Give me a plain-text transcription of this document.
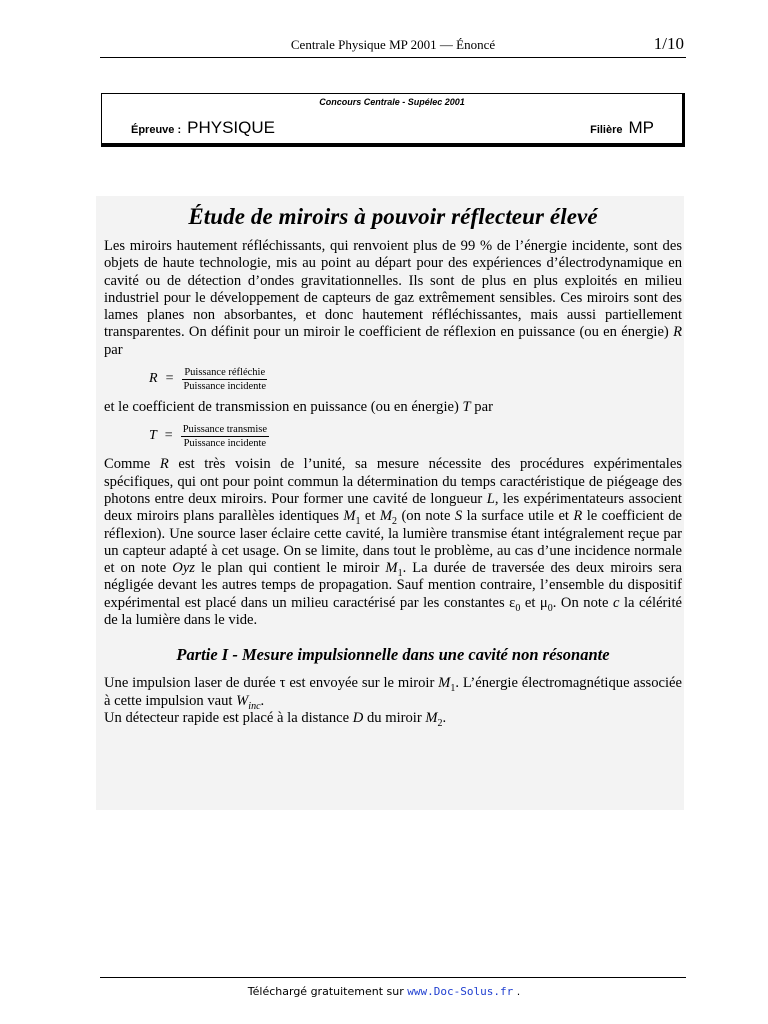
Centrale Physique MP 2001 — Énoncé	1/10
Concours Centrale - Supélec 2001
Épreuve : PHYSIQUE	Filière MP
Étude de miroirs à pouvoir réflecteur élevé

Les miroirs hautement réfléchissants, qui renvoient plus de 99 % de l’énergie incidente, sont des objets de haute technologie, mis au point au départ pour des expériences d’électrodynamique en cavité ou de détection d’ondes gravitationnelles. Ils sont de plus en plus exploités en milieu industriel pour le développement de capteurs de gaz extrêmement sensibles. Ces miroirs sont des lames planes non absorbantes, et donc hautement réfléchissantes, mais aussi partiellement transparentes. On définit pour un miroir le coefficient de réflexion en puissance (ou en énergie) R par

$R = \frac{\text{Puissance réfléchie}}{\text{Puissance incidente}}$

et le coefficient de transmission en puissance (ou en énergie) T par

$T = \frac{\text{Puissance transmise}}{\text{Puissance incidente}}$

Comme R est très voisin de l’unité, sa mesure nécessite des procédures expérimentales spécifiques, qui ont pour point commun la détermination du temps caractéristique de piégeage des photons entre deux miroirs. Pour former une cavité de longueur L, les expérimentateurs associent deux miroirs plans parallèles identiques $M_1$ et $M_2$ (on note S la surface utile et R le coefficient de réflexion). Une source laser éclaire cette cavité, la lumière transmise étant intégralement reçue par un capteur adapté à cet usage. On se limite, dans tout le problème, au cas d’une incidence normale et on note Oyz le plan qui contient le miroir $M_1$. La durée de traversée des deux miroirs sera négligée devant les autres temps de propagation. Sauf mention contraire, l’ensemble du dispositif expérimental est placé dans un milieu caractérisé par les constantes $\varepsilon_0$ et $\mu_0$. On note c la célérité de la lumière dans le vide.

Partie I - Mesure impulsionnelle dans une cavité non résonante

Une impulsion laser de durée τ est envoyée sur le miroir $M_1$. L’énergie électromagnétique associée à cette impulsion vaut $W_{inc}$.

Un détecteur rapide est placé à la distance D du miroir $M_2$.

Téléchargé gratuitement sur www.Doc-Solus.fr .
